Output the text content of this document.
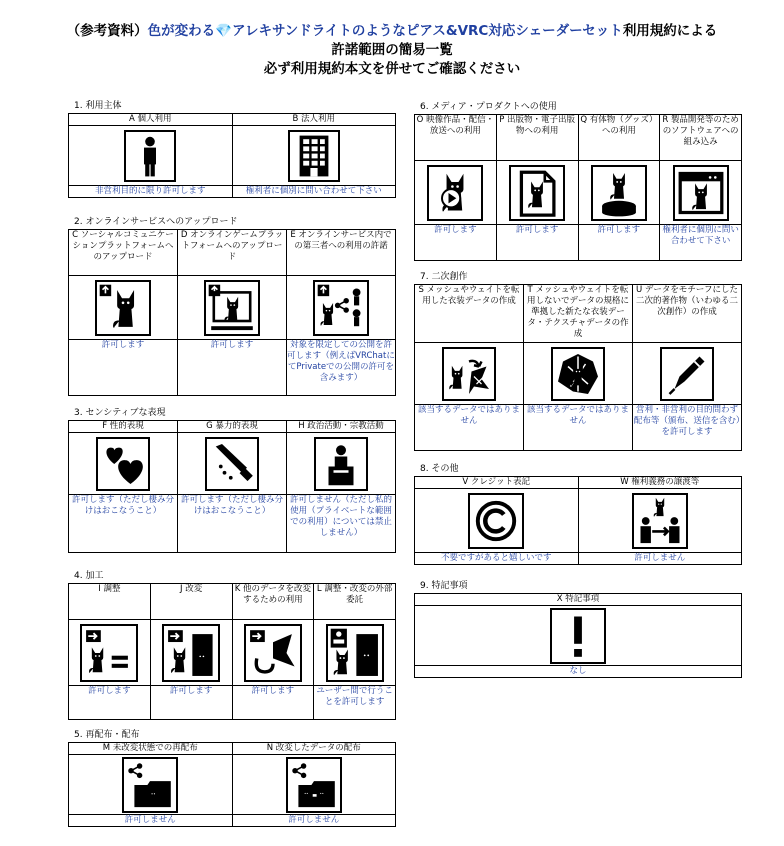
（参考資料）色が変わる💎アレキサンドライトのようなピアス&VRC対応シェーダーセット利用規約による
許諾範囲の簡易一覧
必ず利用規約本文を併せてご確認ください
1. 利用主体
A 個人利用	B 法人利用

非営利目的に限り許可します	権利者に個別に問い合わせて下さい
2. オンラインサービスへのアップロード
C ソーシャルコミュニケーションプラットフォームへのアップロード	D オンラインゲームプラットフォームへのアップロード	E オンラインサービス内での第三者への利用の許諾

許可します	許可します	対象を限定しての公開を許可します（例えばVRChatにてPrivateでの公開の許可を含みます）
3. センシティブな表現
F 性的表現	G 暴力的表現	H 政治活動・宗教活動

許可します（ただし棲み分けはおこなうこと）	許可します（ただし棲み分けはおこなうこと）	許可しません（ただし私的使用（プライベートな範囲での利用）については禁止しません）
4. 加工
I 調整	J 改変	K 他のデータを改変するための利用	L 調整・改変の外部委託

許可します	許可します	許可します	ユーザー間で行うことを許可します
5. 再配布・配布
M 未改変状態での再配布	N 改変したデータの配布

許可しません	許可しません
6. メディア・プロダクトへの使用
O 映像作品・配信・放送への利用	P 出版物・電子出版物への利用	Q 有体物（グッズ）への利用	R 製品開発等のためのソフトウェアへの組み込み

許可します	許可します	許可します	権利者に個別に問い合わせて下さい
7. 二次創作
S メッシュやウェイトを転用した衣装データの作成	T メッシュやウェイトを転用しないでデータの規格に準拠した新たな衣装データ・テクスチャデータの作成	U データをモチーフにした二次的著作物（いわゆる二次創作）の作成

該当するデータではありません	該当するデータではありません	営利・非営利の目的問わず配布等（頒布、送信を含む）を許可します
8. その他
V クレジット表記	W 権利義務の譲渡等

不要ですがあると嬉しいです	許可しません
9. 特記事項
X 特記事項

なし
